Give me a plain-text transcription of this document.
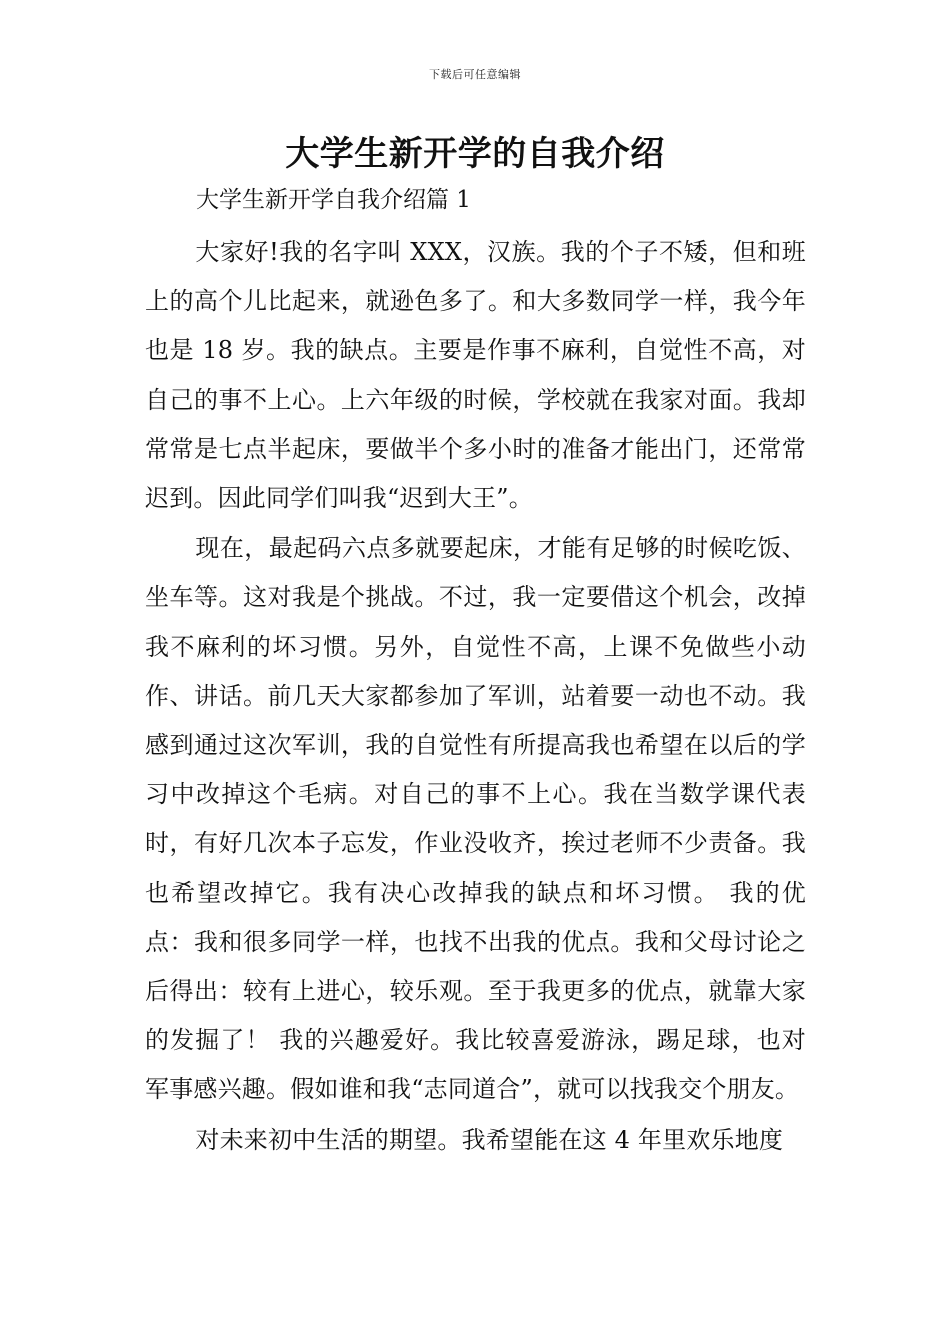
下载后可任意编辑
大学生新开学的自我介绍
大学生新开学自我介绍篇 1

大家好!我的名字叫 XXX，汉族。我的个子不矮，但和班上的高个儿比起来，就逊色多了。和大多数同学一样，我今年也是 18 岁。我的缺点。主要是作事不麻利，自觉性不高，对自己的事不上心。上六年级的时候，学校就在我家对面。我却常常是七点半起床，要做半个多小时的准备才能出门，还常常迟到。因此同学们叫我“迟到大王”。

现在，最起码六点多就要起床，才能有足够的时候吃饭、坐车等。这对我是个挑战。不过，我一定要借这个机会，改掉我不麻利的坏习惯。另外，自觉性不高，上课不免做些小动作、讲话。前几天大家都参加了军训，站着要一动也不动。我感到通过这次军训，我的自觉性有所提高我也希望在以后的学习中改掉这个毛病。对自己的事不上心。我在当数学课代表时，有好几次本子忘发，作业没收齐，挨过老师不少责备。我也希望改掉它。我有决心改掉我的缺点和坏习惯。 我的优点：我和很多同学一样，也找不出我的优点。我和父母讨论之后得出：较有上进心，较乐观。至于我更多的优点，就靠大家的发掘了！ 我的兴趣爱好。我比较喜爱游泳，踢足球，也对军事感兴趣。假如谁和我“志同道合”，就可以找我交个朋友。

对未来初中生活的期望。我希望能在这 4 年里欢乐地度
